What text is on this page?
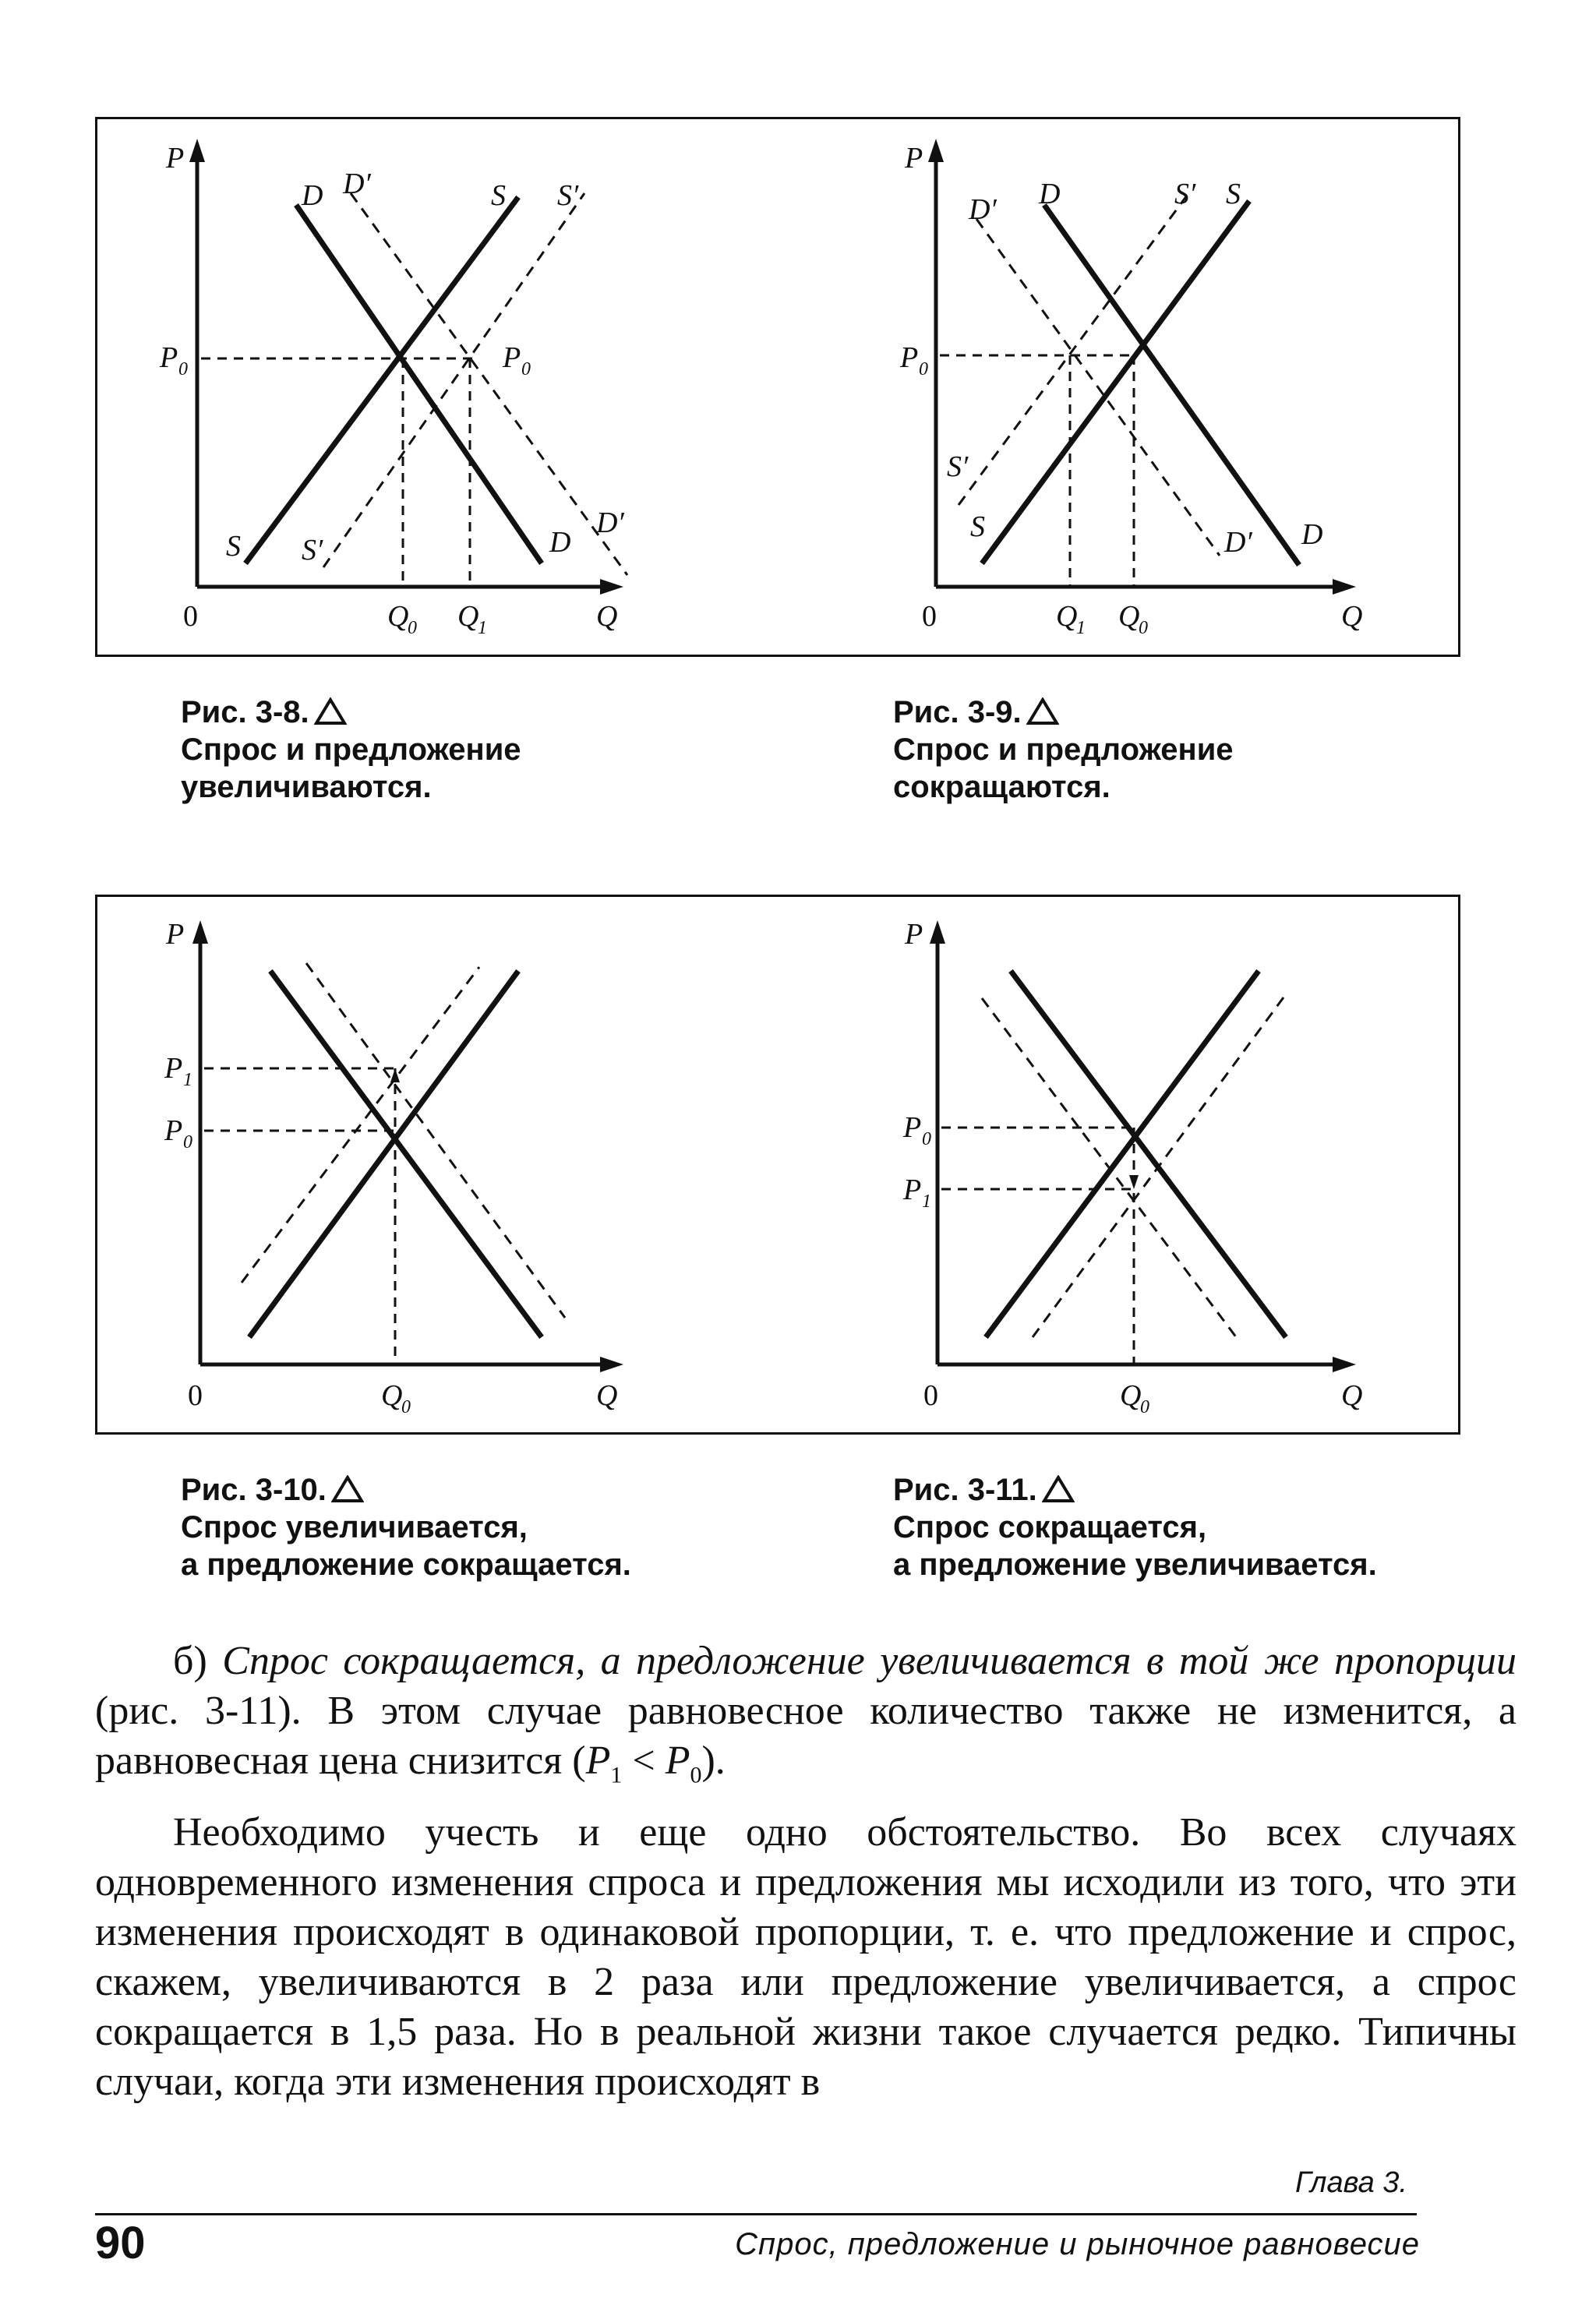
P
0	Q
P 0	P 0
Q
0 Q
1
D D′	S S′
S S′	D
D′
P
0	Q
P 0
Q
1 Q
0
D
D′	S
S′
S
S′
D
D′
Рис. 3-8.
Спрос и предложение
увеличиваются.
Рис. 3-9.
Спрос и предложение
сокращаются.
P
0	Q
P 1
P 0
Q
0
P
0	Q
P 0
P 1
Q
0
Рис. 3-10.
Спрос увеличивается,
а предложение сокращается.
Рис. 3-11.
Спрос сокращается,
а предложение увеличивается.

б) Спрос сокращается, а предложение увеличивается в той же пропорции (рис. 3-11). В этом случае равновесное количество также не изменится, а равновесная цена снизится $(P_1 < P_0)$.

Необходимо учесть и еще одно обстоятельство. Во всех случаях одновременного изменения спроса и предложения мы исходили из того, что эти изменения происходят в одинаковой пропорции, т. е. что предложение и спрос, скажем, увеличиваются в 2 раза или предложение увеличивается, а спрос сокращается в 1,5 раза. Но в реальной жизни такое случается редко. Типичны случаи, когда эти изменения происходят в

Глава 3.
90	Спрос, предложение и рыночное равновесие
